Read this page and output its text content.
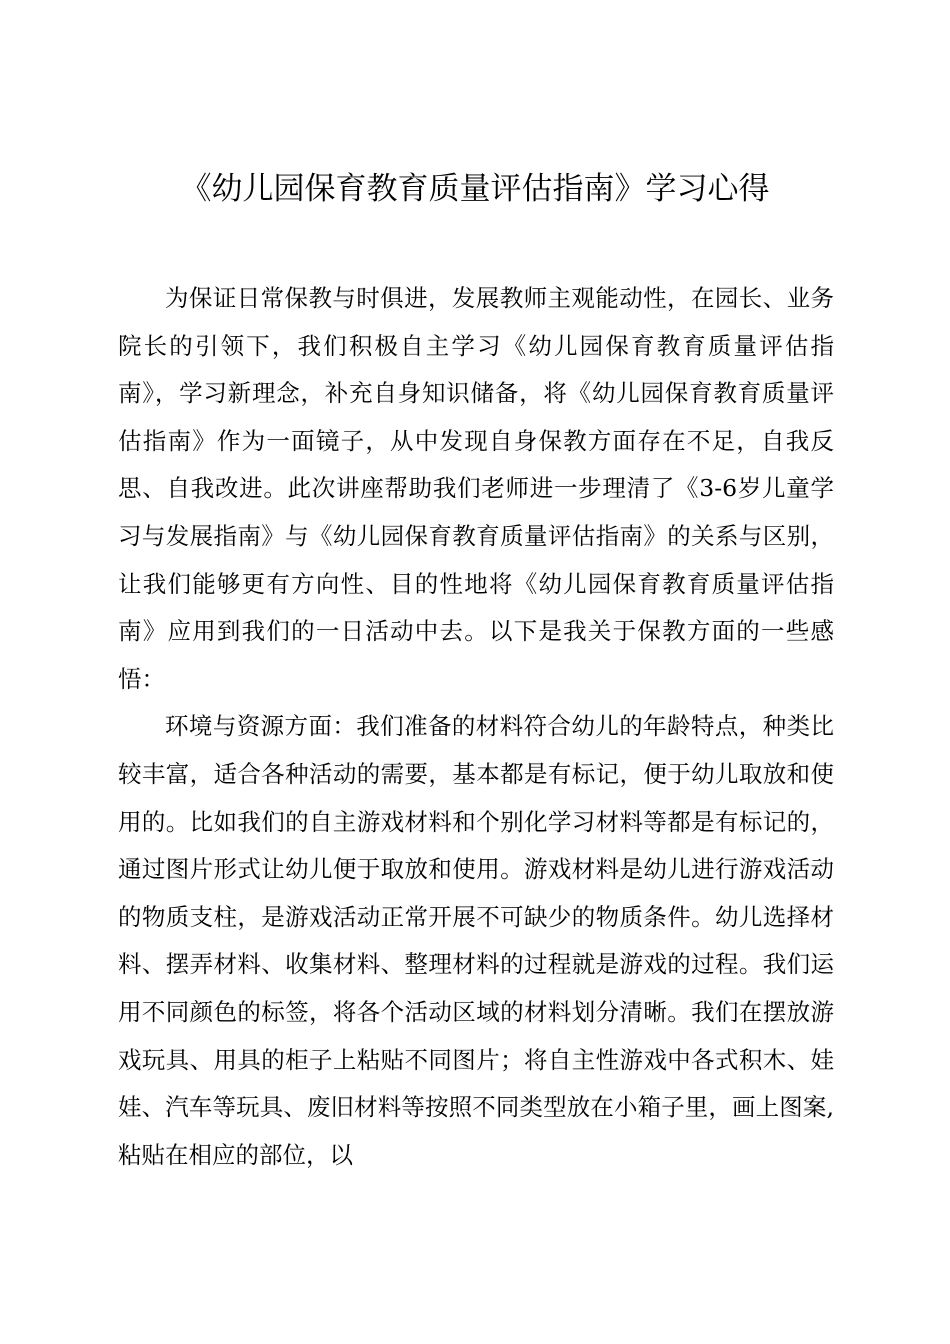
《幼儿园保育教育质量评估指南》学习心得

为保证日常保教与时俱进，发展教师主观能动性，在园长、业务院长的引领下，我们积极自主学习《幼儿园保育教育质量评估指南》，学习新理念，补充自身知识储备，将《幼儿园保育教育质量评估指南》作为一面镜子，从中发现自身保教方面存在不足，自我反思、自我改进。此次讲座帮助我们老师进一步理清了《3-6岁儿童学习与发展指南》与《幼儿园保育教育质量评估指南》的关系与区别，让我们能够更有方向性、目的性地将《幼儿园保育教育质量评估指南》应用到我们的一日活动中去。以下是我关于保教方面的一些感悟：

环境与资源方面：我们准备的材料符合幼儿的年龄特点，种类比较丰富，适合各种活动的需要，基本都是有标记，便于幼儿取放和使用的。比如我们的自主游戏材料和个别化学习材料等都是有标记的，通过图片形式让幼儿便于取放和使用。游戏材料是幼儿进行游戏活动的物质支柱，是游戏活动正常开展不可缺少的物质条件。幼儿选择材料、摆弄材料、收集材料、整理材料的过程就是游戏的过程。我们运用不同颜色的标签，将各个活动区域的材料划分清晰。我们在摆放游戏玩具、用具的柜子上粘贴不同图片；将自主性游戏中各式积木、娃娃、汽车等玩具、废旧材料等按照不同类型放在小箱子里，画上图案,粘贴在相应的部位，以
